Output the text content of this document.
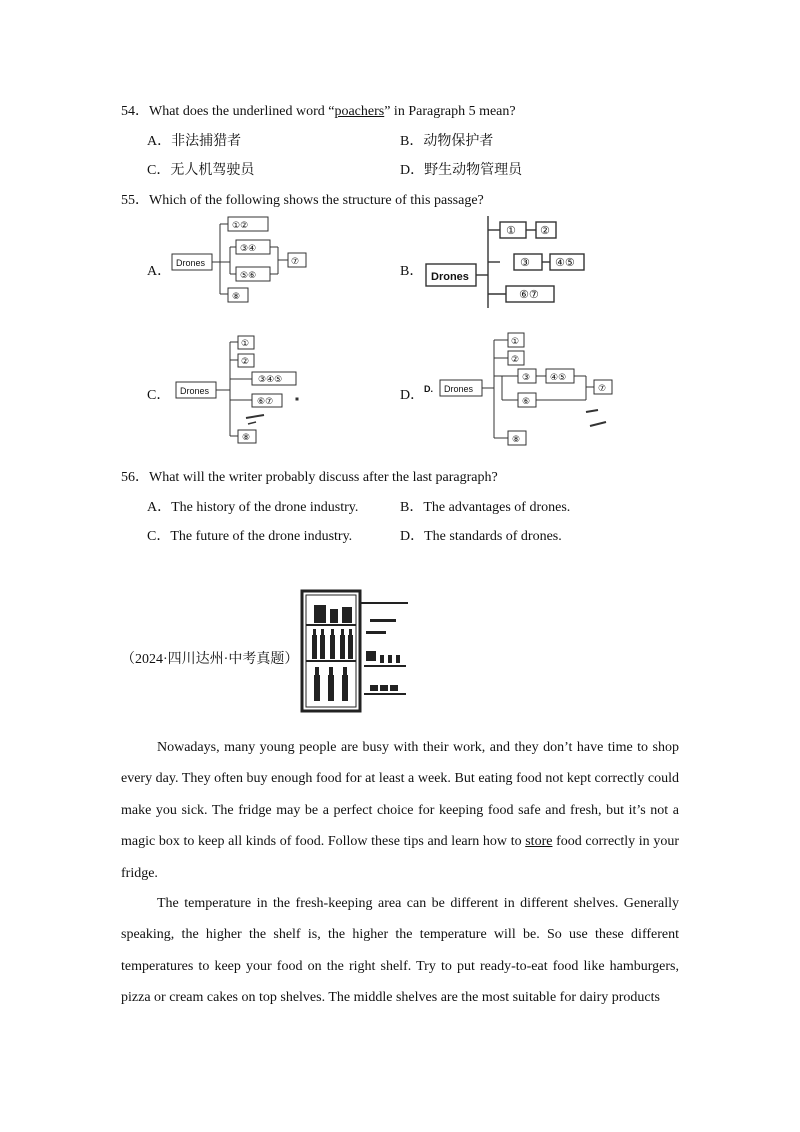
54．What does the underlined word “poachers” in Paragraph 5 mean?
A．非法捕猎者	B．动物保护者
C．无人机驾驶员	D．野生动物管理员
55．Which of the following shows the structure of this passage?
A．
Drones
①②
③④
⑤⑥
⑦
⑧
B． Drones
① ②
③ ④⑤
⑥⑦
C． Drones
①
②
③④⑤
⑥⑦
⑧
D． D. Drones
①
②
③ ④⑤
⑥
⑦
⑧
56．What will the writer probably discuss after the last paragraph?
A．The history of the drone industry.	B．The advantages of drones.
C．The future of the drone industry.	D．The standards of drones.
（2024·四川达州·中考真题）
Nowadays, many young people are busy with their work, and they don’t have time to shop every day. They often buy enough food for at least a week. But eating food not kept correctly could make you sick. The fridge may be a perfect choice for keeping food safe and fresh, but it’s not a magic box to keep all kinds of food. Follow these tips and learn how to store food correctly in your fridge.
The temperature in the fresh-keeping area can be different in different shelves. Generally speaking, the higher the shelf is, the higher the temperature will be. So use these different temperatures to keep your food on the right shelf. Try to put ready-to-eat food like hamburgers, pizza or cream cakes on top shelves. The middle shelves are the most suitable for dairy products
